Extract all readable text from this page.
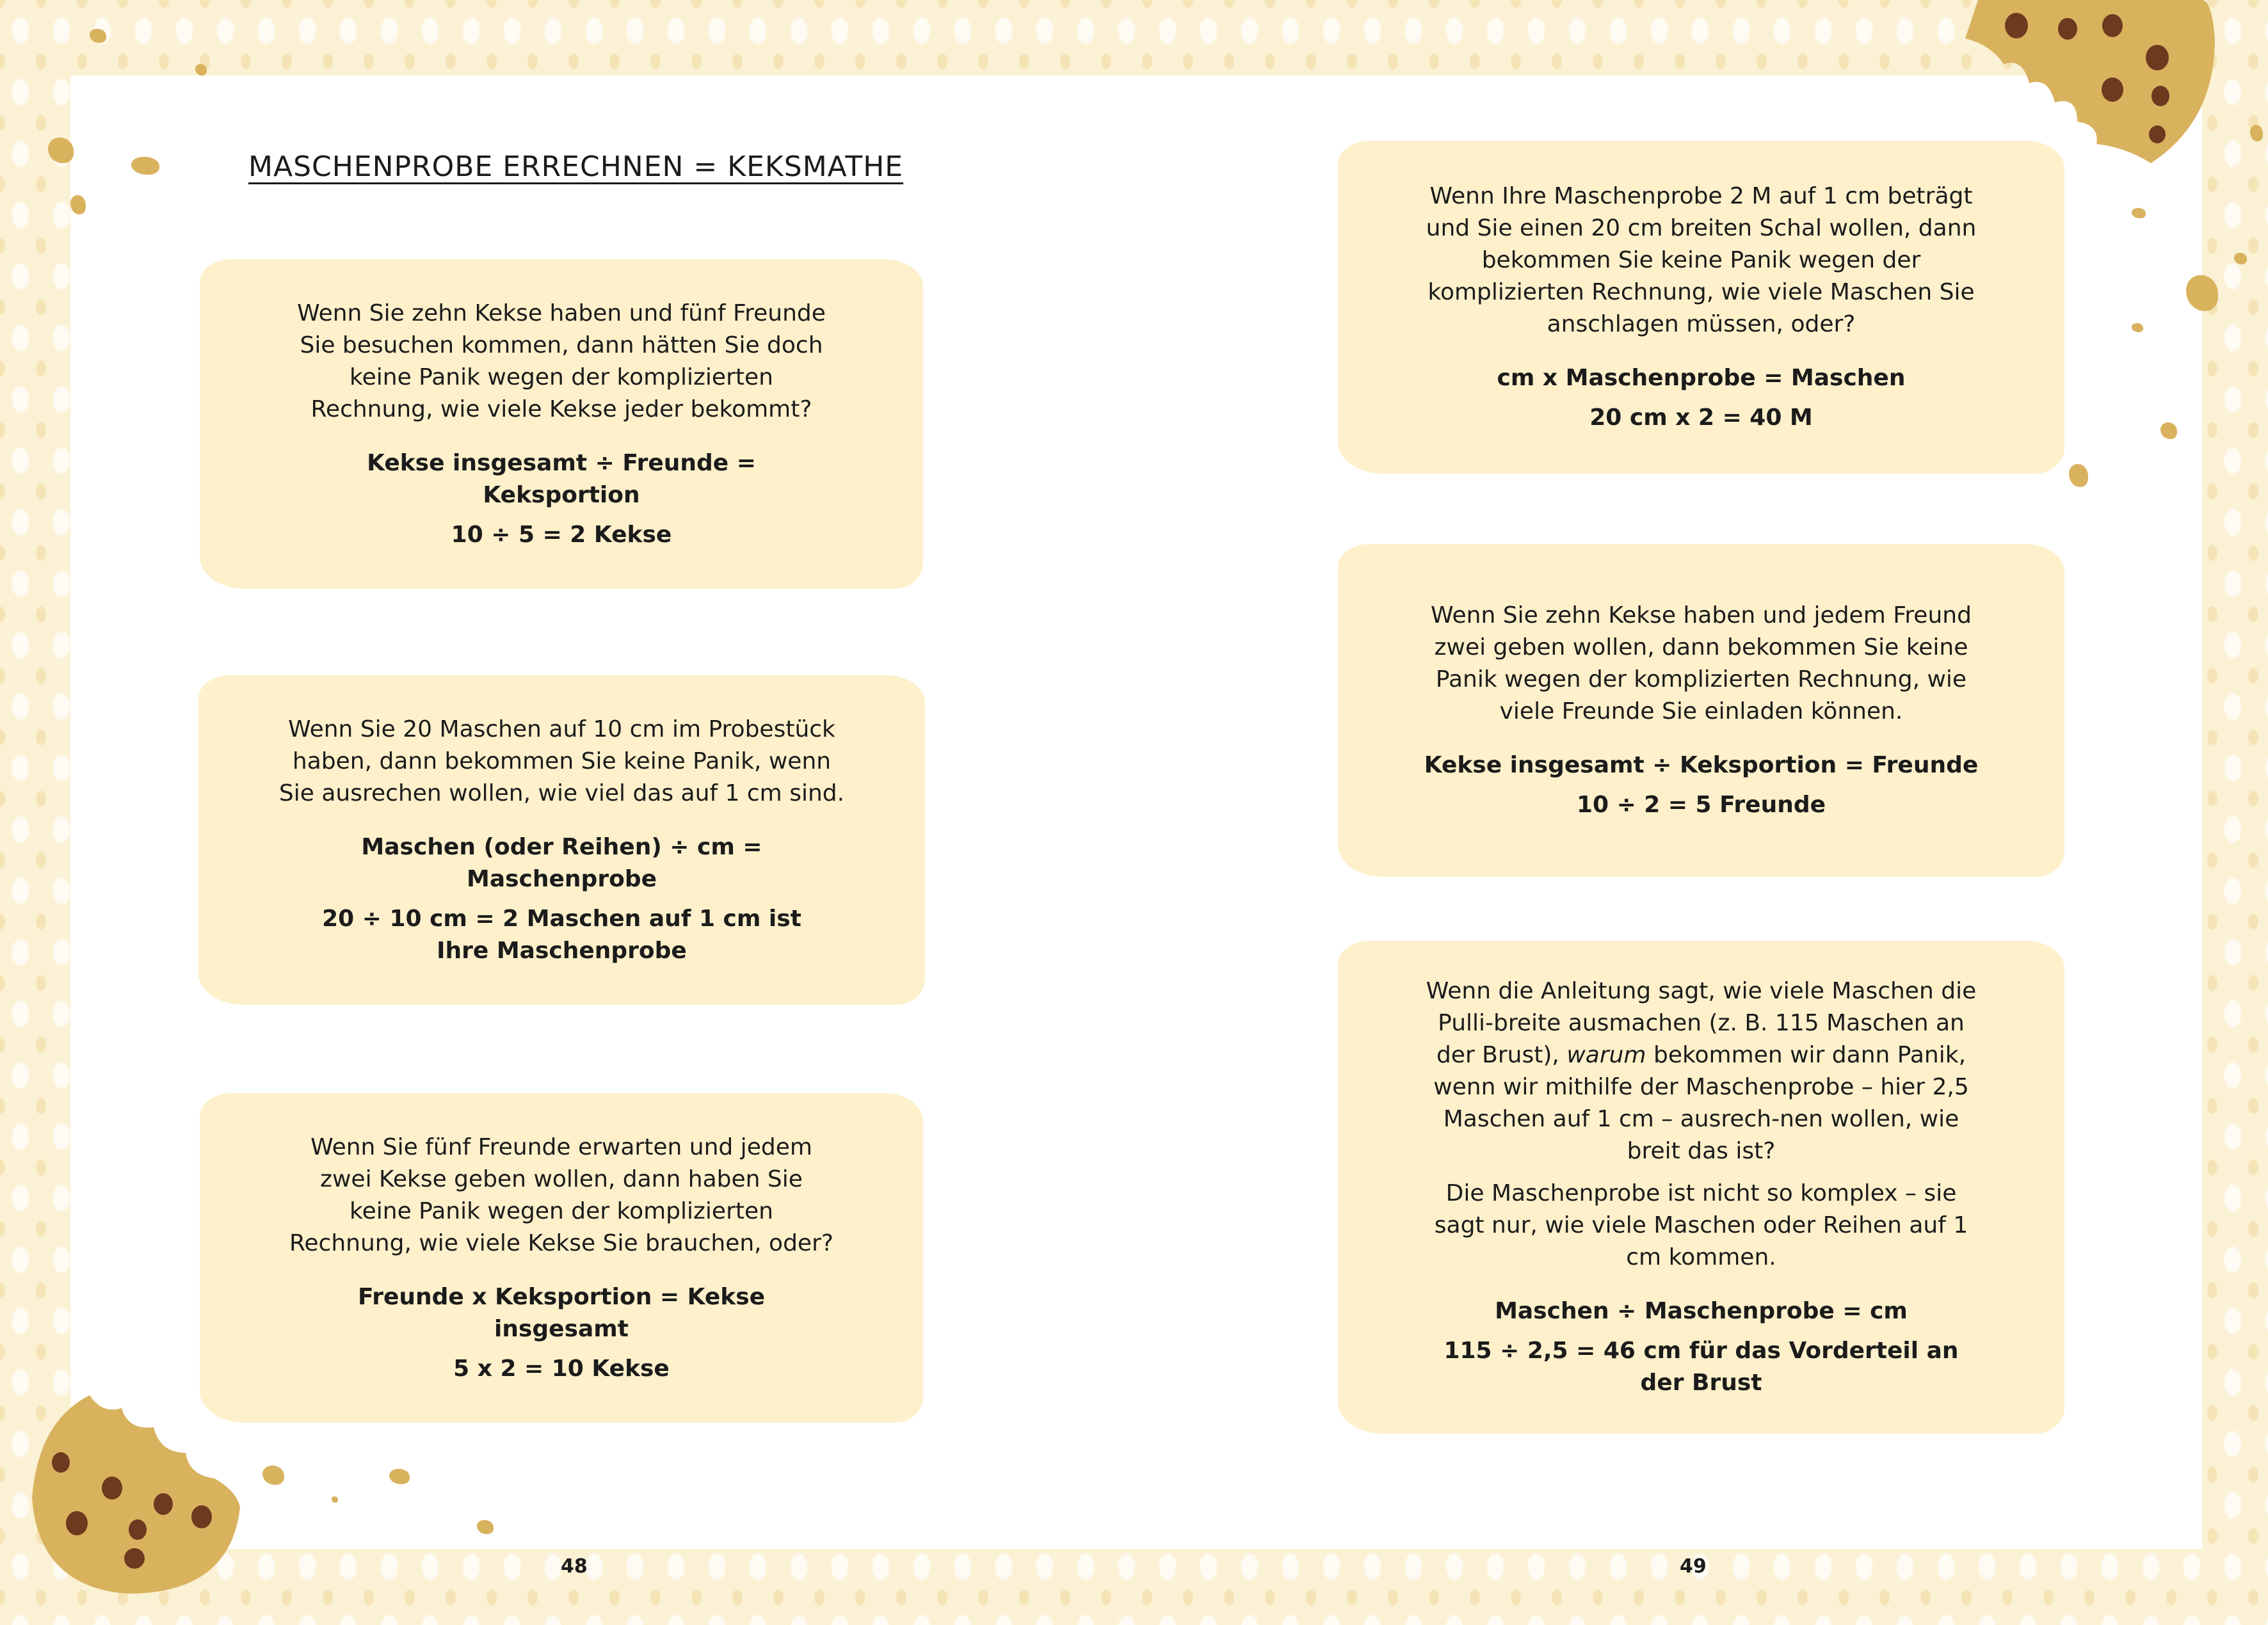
MASCHENPROBE ERRECHNEN = KEKSMATHE

Wenn Sie zehn Kekse haben und fünf Freunde Sie besuchen kommen, dann hätten Sie doch keine Panik wegen der komplizierten Rechnung, wie viele Kekse jeder bekommt?

Kekse insgesamt ÷ Freunde = Keksportion

10 ÷ 5 = 2 Kekse

Wenn Sie 20 Maschen auf 10 cm im Probestück haben, dann bekommen Sie keine Panik, wenn Sie ausrechen wollen, wie viel das auf 1 cm sind.

Maschen (oder Reihen) ÷ cm = Maschenprobe

20 ÷ 10 cm = 2 Maschen auf 1 cm ist Ihre Maschenprobe

Wenn Sie fünf Freunde erwarten und jedem zwei Kekse geben wollen, dann haben Sie keine Panik wegen der komplizierten Rechnung, wie viele Kekse Sie brauchen, oder?

Freunde x Keksportion = Kekse insgesamt

5 x 2 = 10 Kekse

Wenn Ihre Maschenprobe 2 M auf 1 cm beträgt und Sie einen 20 cm breiten Schal wollen, dann bekommen Sie keine Panik wegen der komplizierten Rechnung, wie viele Maschen Sie anschlagen müssen, oder?

cm x Maschenprobe = Maschen

20 cm x 2 = 40 M

Wenn Sie zehn Kekse haben und jedem Freund zwei geben wollen, dann bekommen Sie keine Panik wegen der komplizierten Rechnung, wie viele Freunde Sie einladen können.

Kekse insgesamt ÷ Keksportion = Freunde

10 ÷ 2 = 5 Freunde

Wenn die Anleitung sagt, wie viele Maschen die Pulli-breite ausmachen (z. B. 115 Maschen an der Brust), warum bekommen wir dann Panik, wenn wir mithilfe der Maschenprobe – hier 2,5 Maschen auf 1 cm – ausrech-nen wollen, wie breit das ist?

Die Maschenprobe ist nicht so komplex – sie sagt nur, wie viele Maschen oder Reihen auf 1 cm kommen.

Maschen ÷ Maschenprobe = cm

115 ÷ 2,5 = 46 cm für das Vorderteil an der Brust

48	49
